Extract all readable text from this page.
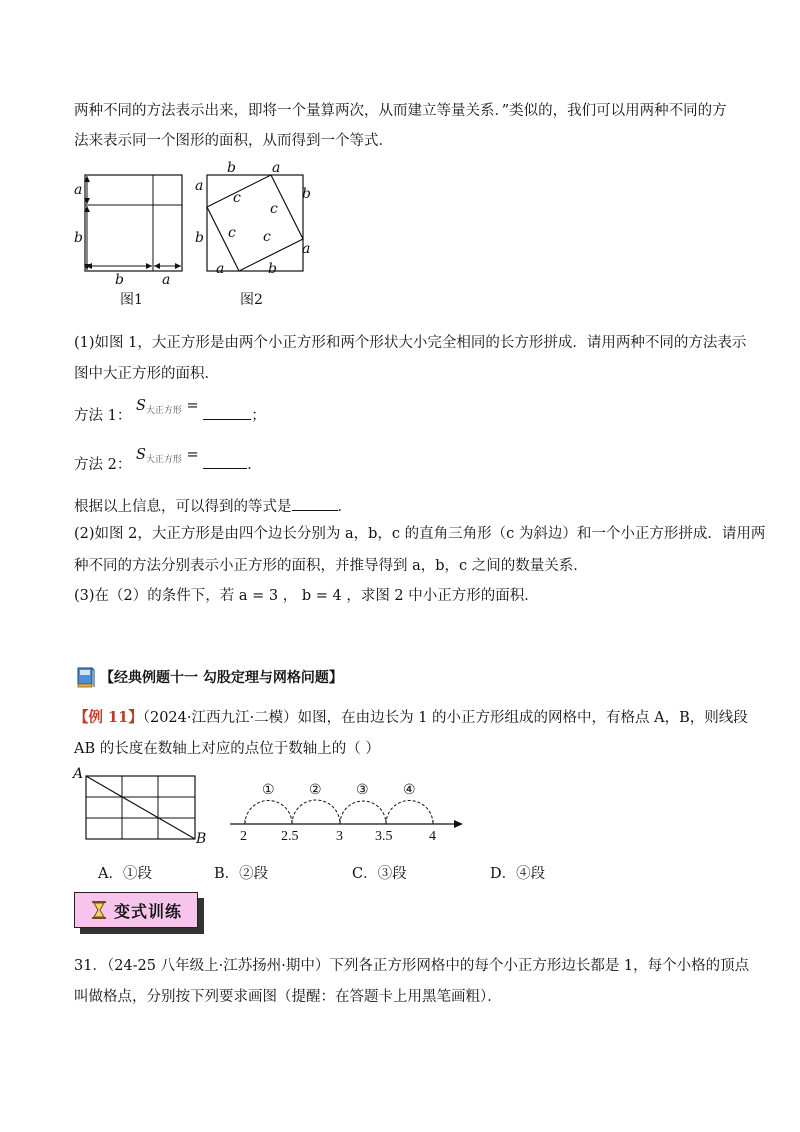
两种不同的方法表示出来，即将一个量算两次，从而建立等量关系．”类似的，我们可以用两种不同的方
法来表示同一个图形的面积，从而得到一个等式．
a
b
b	a
图1
b	a
a
b
b
a
a	b
c
c
c c
图2
(1)如图 1，大正方形是由两个小正方形和两个形状大小完全相同的长方形拼成．请用两种不同的方法表示
图中大正方形的面积．
方法 1： $S^{大正方形}$ = ；
方法 2： $S^{大正方形}$ = ．
根据以上信息，可以得到的等式是	．
(2)如图 2，大正方形是由四个边长分别为 a，b，c 的直角三角形（c 为斜边）和一个小正方形拼成．请用两
种不同的方法分别表示小正方形的面积，并推导得到 a，b，c 之间的数量关系．
(3)在（2）的条件下，若 a = 3 ， b = 4 ，求图 2 中小正方形的面积．
【经典例题十一 勾股定理与网格问题】
【例 11】（2024·江西九江·二模）如图，在由边长为 1 的小正方形组成的网格中，有格点 A，B，则线段
AB 的长度在数轴上对应的点位于数轴上的（ ）
A
B
① ② ③ ④
2 2.5	3 3.5	4
A．①段	B．②段	C．③段	D．④段
变式训练
31．（24-25 八年级上·江苏扬州·期中）下列各正方形网格中的每个小正方形边长都是 1，每个小格的顶点
叫做格点，分别按下列要求画图（提醒：在答题卡上用黑笔画粗）．
